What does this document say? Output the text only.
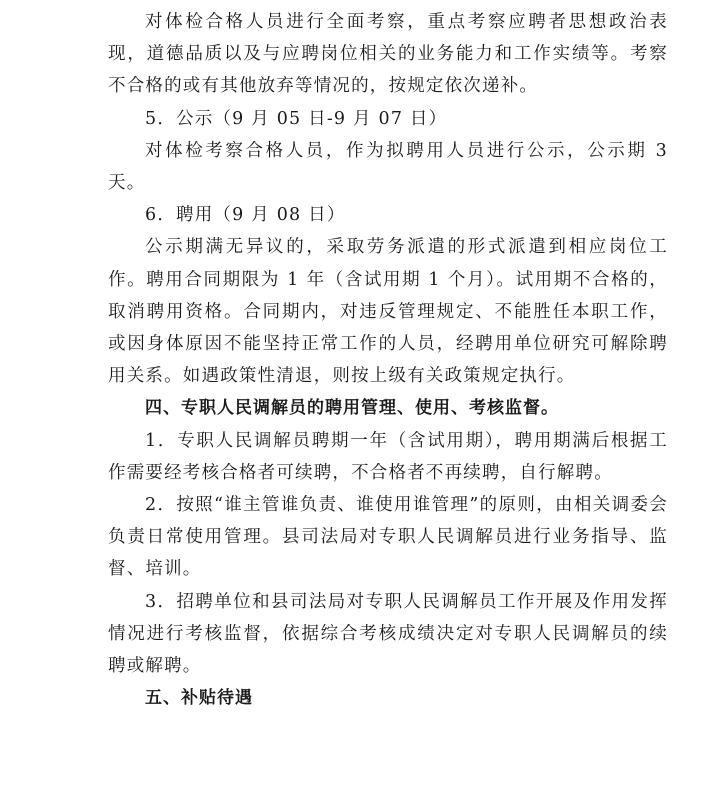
对体检合格人员进行全面考察，重点考察应聘者思想政治表现，道德品质以及与应聘岗位相关的业务能力和工作实绩等。考察不合格的或有其他放弃等情况的，按规定依次递补。

5．公示（9 月 05 日-9 月 07 日）

对体检考察合格人员，作为拟聘用人员进行公示，公示期 3 天。

6．聘用（9 月 08 日）

公示期满无异议的，采取劳务派遣的形式派遣到相应岗位工作。聘用合同期限为 1 年（含试用期 1 个月）。试用期不合格的，取消聘用资格。合同期内，对违反管理规定、不能胜任本职工作，或因身体原因不能坚持正常工作的人员，经聘用单位研究可解除聘用关系。如遇政策性清退，则按上级有关政策规定执行。

四、专职人民调解员的聘用管理、使用、考核监督。

1．专职人民调解员聘期一年（含试用期），聘用期满后根据工作需要经考核合格者可续聘，不合格者不再续聘，自行解聘。

2．按照“谁主管谁负责、谁使用谁管理”的原则，由相关调委会负责日常使用管理。县司法局对专职人民调解员进行业务指导、监督、培训。

3．招聘单位和县司法局对专职人民调解员工作开展及作用发挥情况进行考核监督，依据综合考核成绩决定对专职人民调解员的续聘或解聘。

五、补贴待遇
